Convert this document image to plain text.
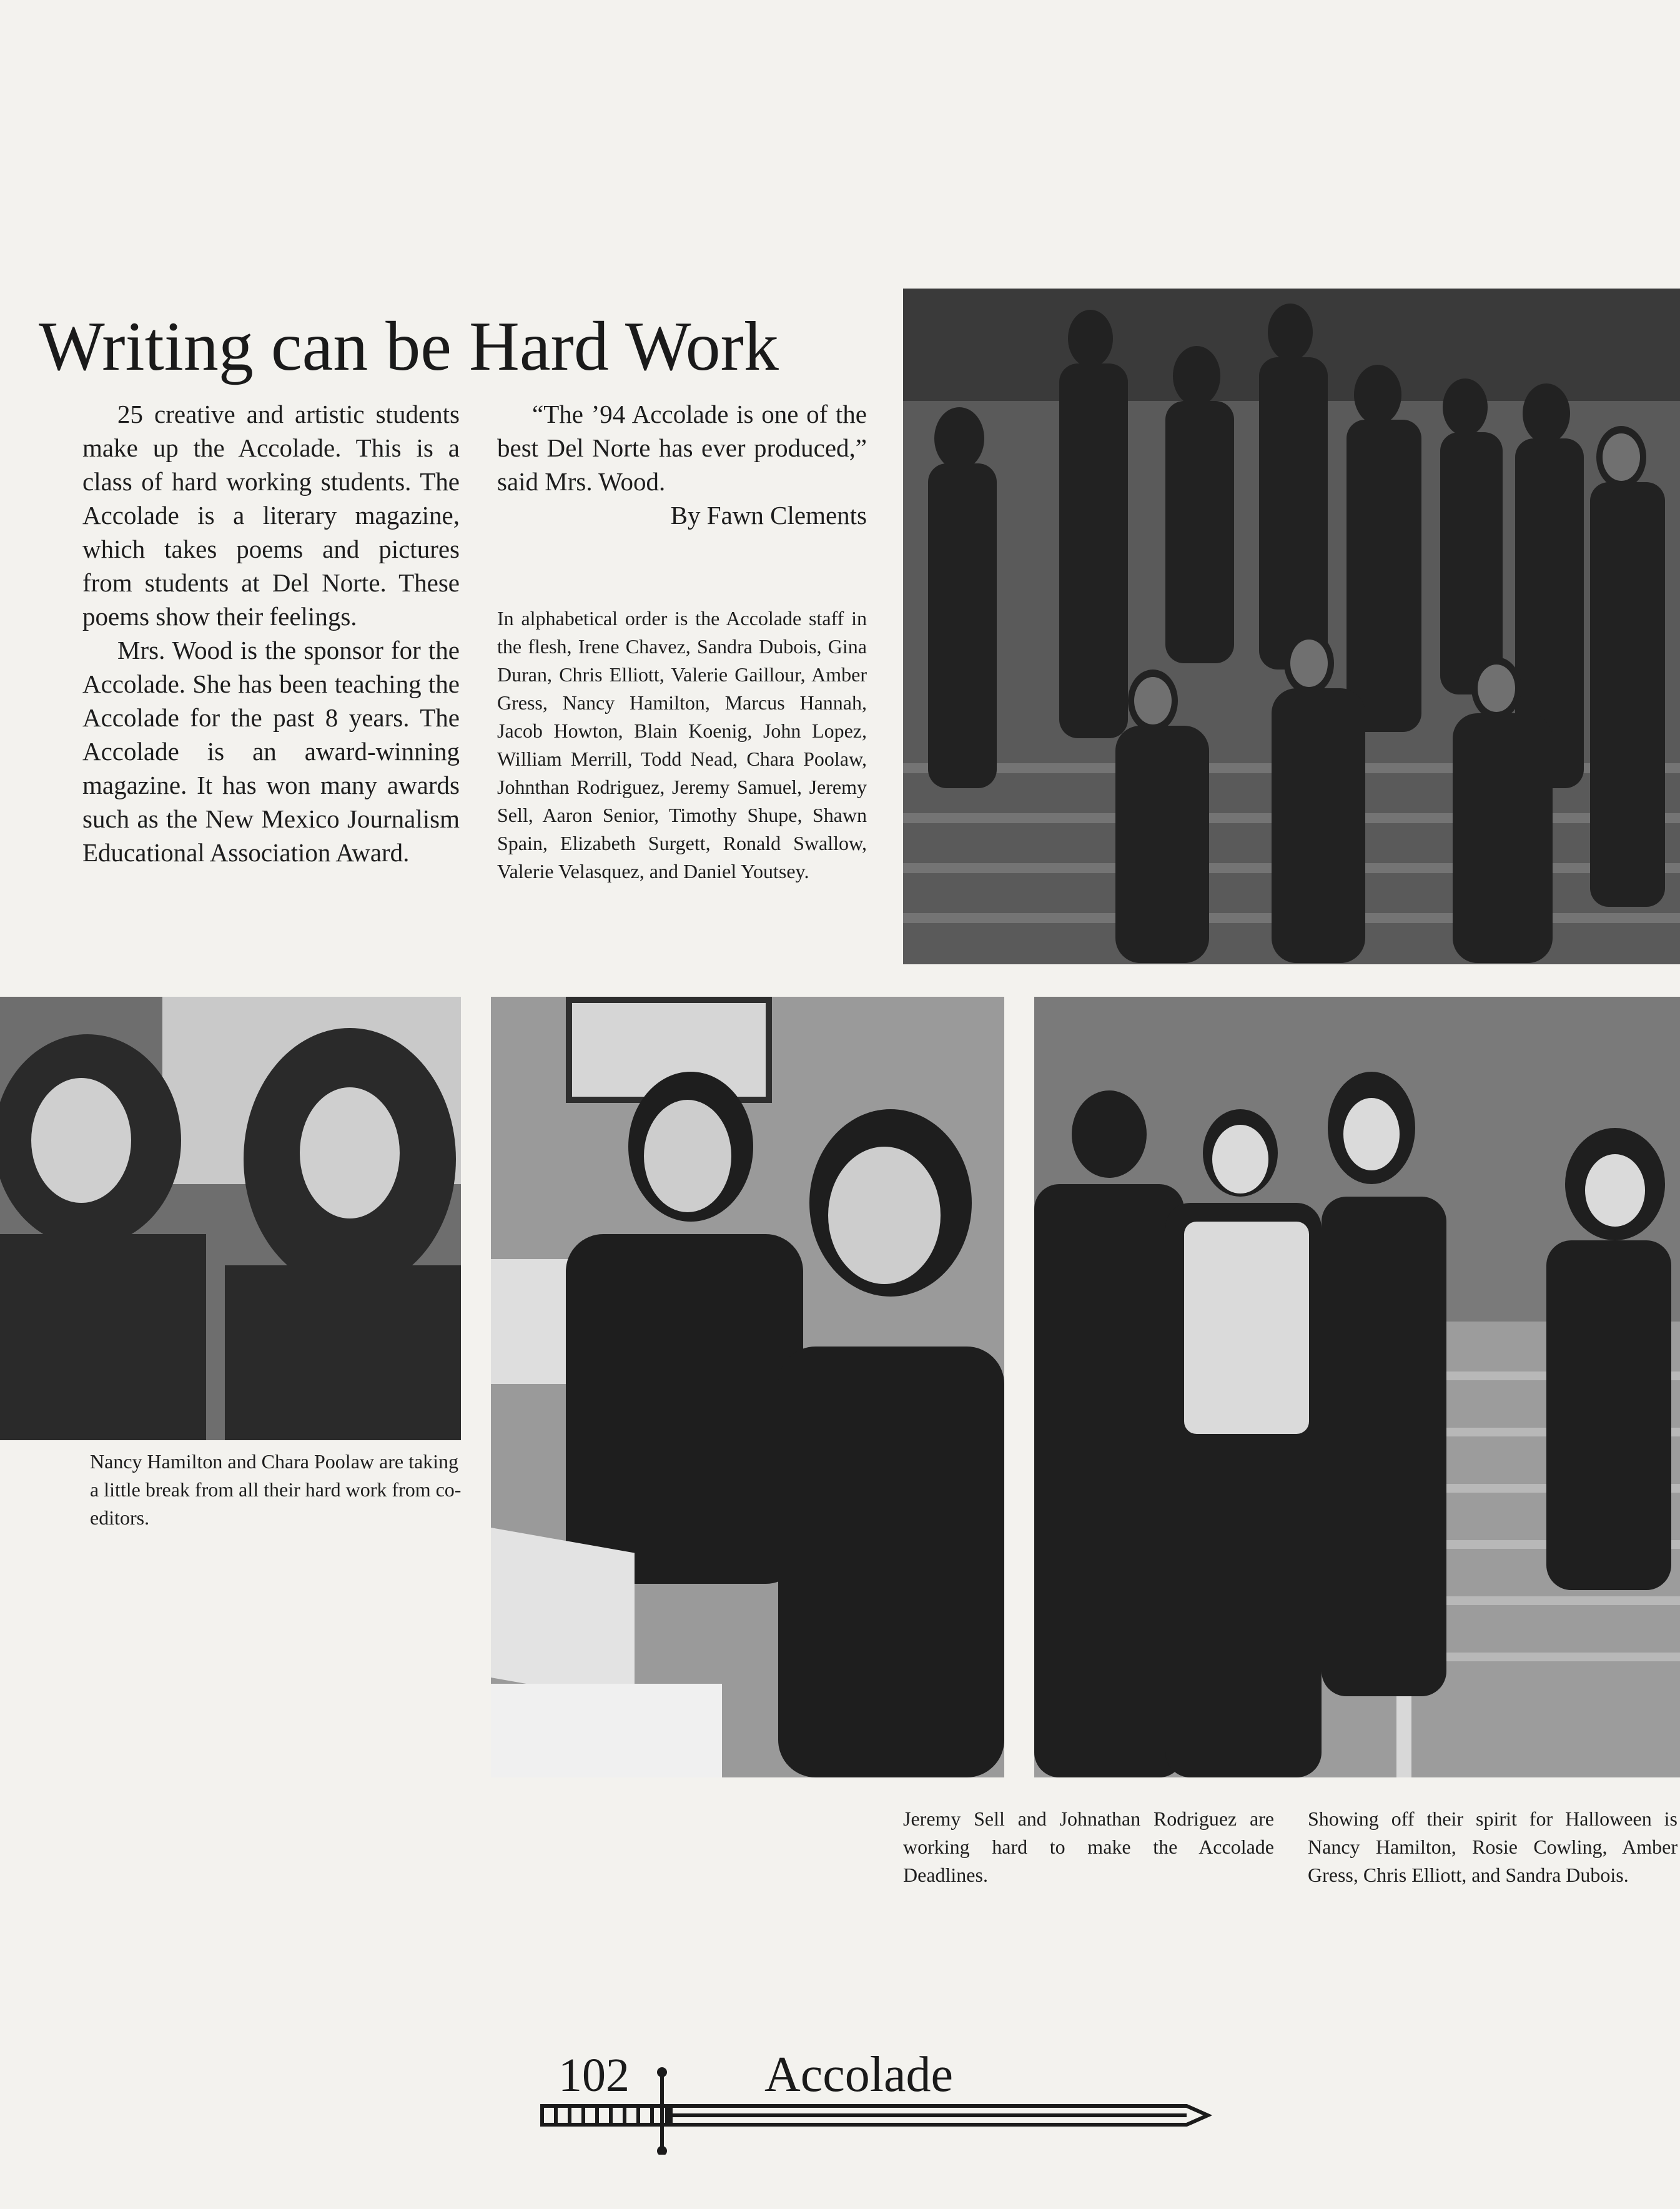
Writing can be Hard Work

25 creative and artistic students make up the Accolade. This is a class of hard working students. The Accolade is a literary magazine, which takes poems and pictures from students at Del Norte. These poems show their feelings.

Mrs. Wood is the sponsor for the Accolade. She has been teaching the Accolade for the past 8 years. The Accolade is an award-winning magazine. It has won many awards such as the New Mexico Journalism Educational Association Award.

“The ’94 Accolade is one of the best Del Norte has ever produced,” said Mrs. Wood.

By Fawn Clements

In alphabetical order is the Accolade staff in the flesh, Irene Chavez, Sandra Dubois, Gina Duran, Chris Elliott, Valerie Gaillour, Amber Gress, Nancy Hamilton, Marcus Hannah, Jacob Howton, Blain Koenig, John Lopez, William Merrill, Todd Nead, Chara Poolaw, Johnthan Rodriguez, Jeremy Samuel, Jeremy Sell, Aaron Senior, Timothy Shupe, Shawn Spain, Elizabeth Surgett, Ronald Swallow, Valerie Velasquez, and Daniel Youtsey.

Nancy Hamilton and Chara Poolaw are taking a little break from all their hard work from co-editors.

Jeremy Sell and Johnathan Rodriguez are working hard to make the Accolade Deadlines.

Showing off their spirit for Halloween is Nancy Hamilton, Rosie Cowling, Amber Gress, Chris Elliott, and Sandra Dubois.

102	Accolade
